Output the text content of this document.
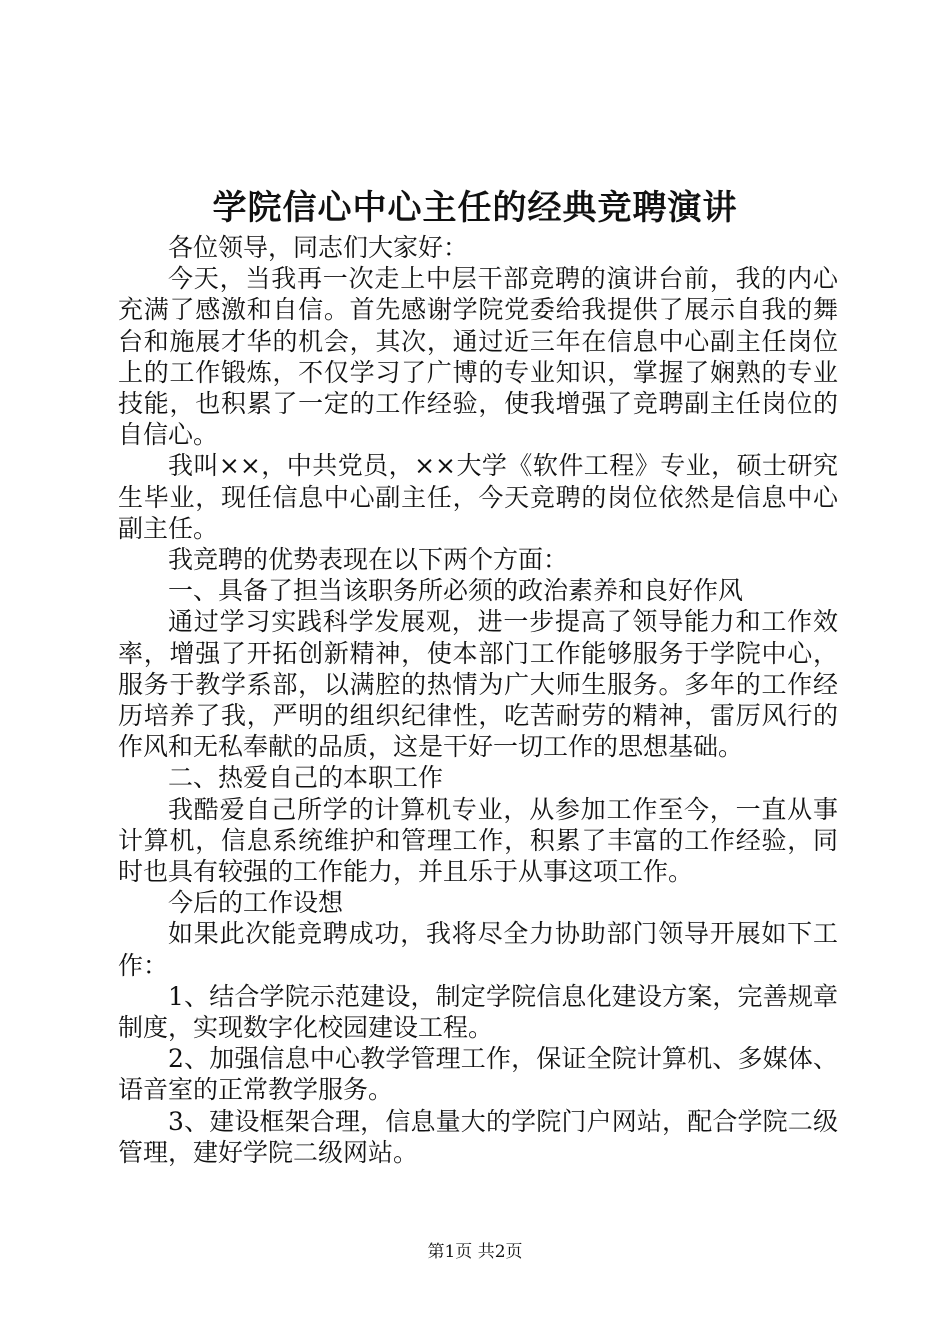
学院信心中心主任的经典竞聘演讲

各位领导，同志们大家好：

今天，当我再一次走上中层干部竞聘的演讲台前，我的内心充满了感激和自信。首先感谢学院党委给我提供了展示自我的舞台和施展才华的机会，其次，通过近三年在信息中心副主任岗位上的工作锻炼，不仅学习了广博的专业知识，掌握了娴熟的专业技能，也积累了一定的工作经验，使我增强了竞聘副主任岗位的自信心。

我叫××，中共党员，××大学《软件工程》专业，硕士研究生毕业，现任信息中心副主任，今天竞聘的岗位依然是信息中心副主任。

我竞聘的优势表现在以下两个方面：

一、具备了担当该职务所必须的政治素养和良好作风

通过学习实践科学发展观，进一步提高了领导能力和工作效率，增强了开拓创新精神，使本部门工作能够服务于学院中心，服务于教学系部，以满腔的热情为广大师生服务。多年的工作经历培养了我，严明的组织纪律性，吃苦耐劳的精神，雷厉风行的作风和无私奉献的品质，这是干好一切工作的思想基础。

二、热爱自己的本职工作

我酷爱自己所学的计算机专业，从参加工作至今，一直从事计算机，信息系统维护和管理工作，积累了丰富的工作经验，同时也具有较强的工作能力，并且乐于从事这项工作。

今后的工作设想

如果此次能竞聘成功，我将尽全力协助部门领导开展如下工作：

1、结合学院示范建设，制定学院信息化建设方案，完善规章制度，实现数字化校园建设工程。

2、加强信息中心教学管理工作，保证全院计算机、多媒体、语音室的正常教学服务。

3、建设框架合理，信息量大的学院门户网站，配合学院二级管理，建好学院二级网站。

第1页 共2页
